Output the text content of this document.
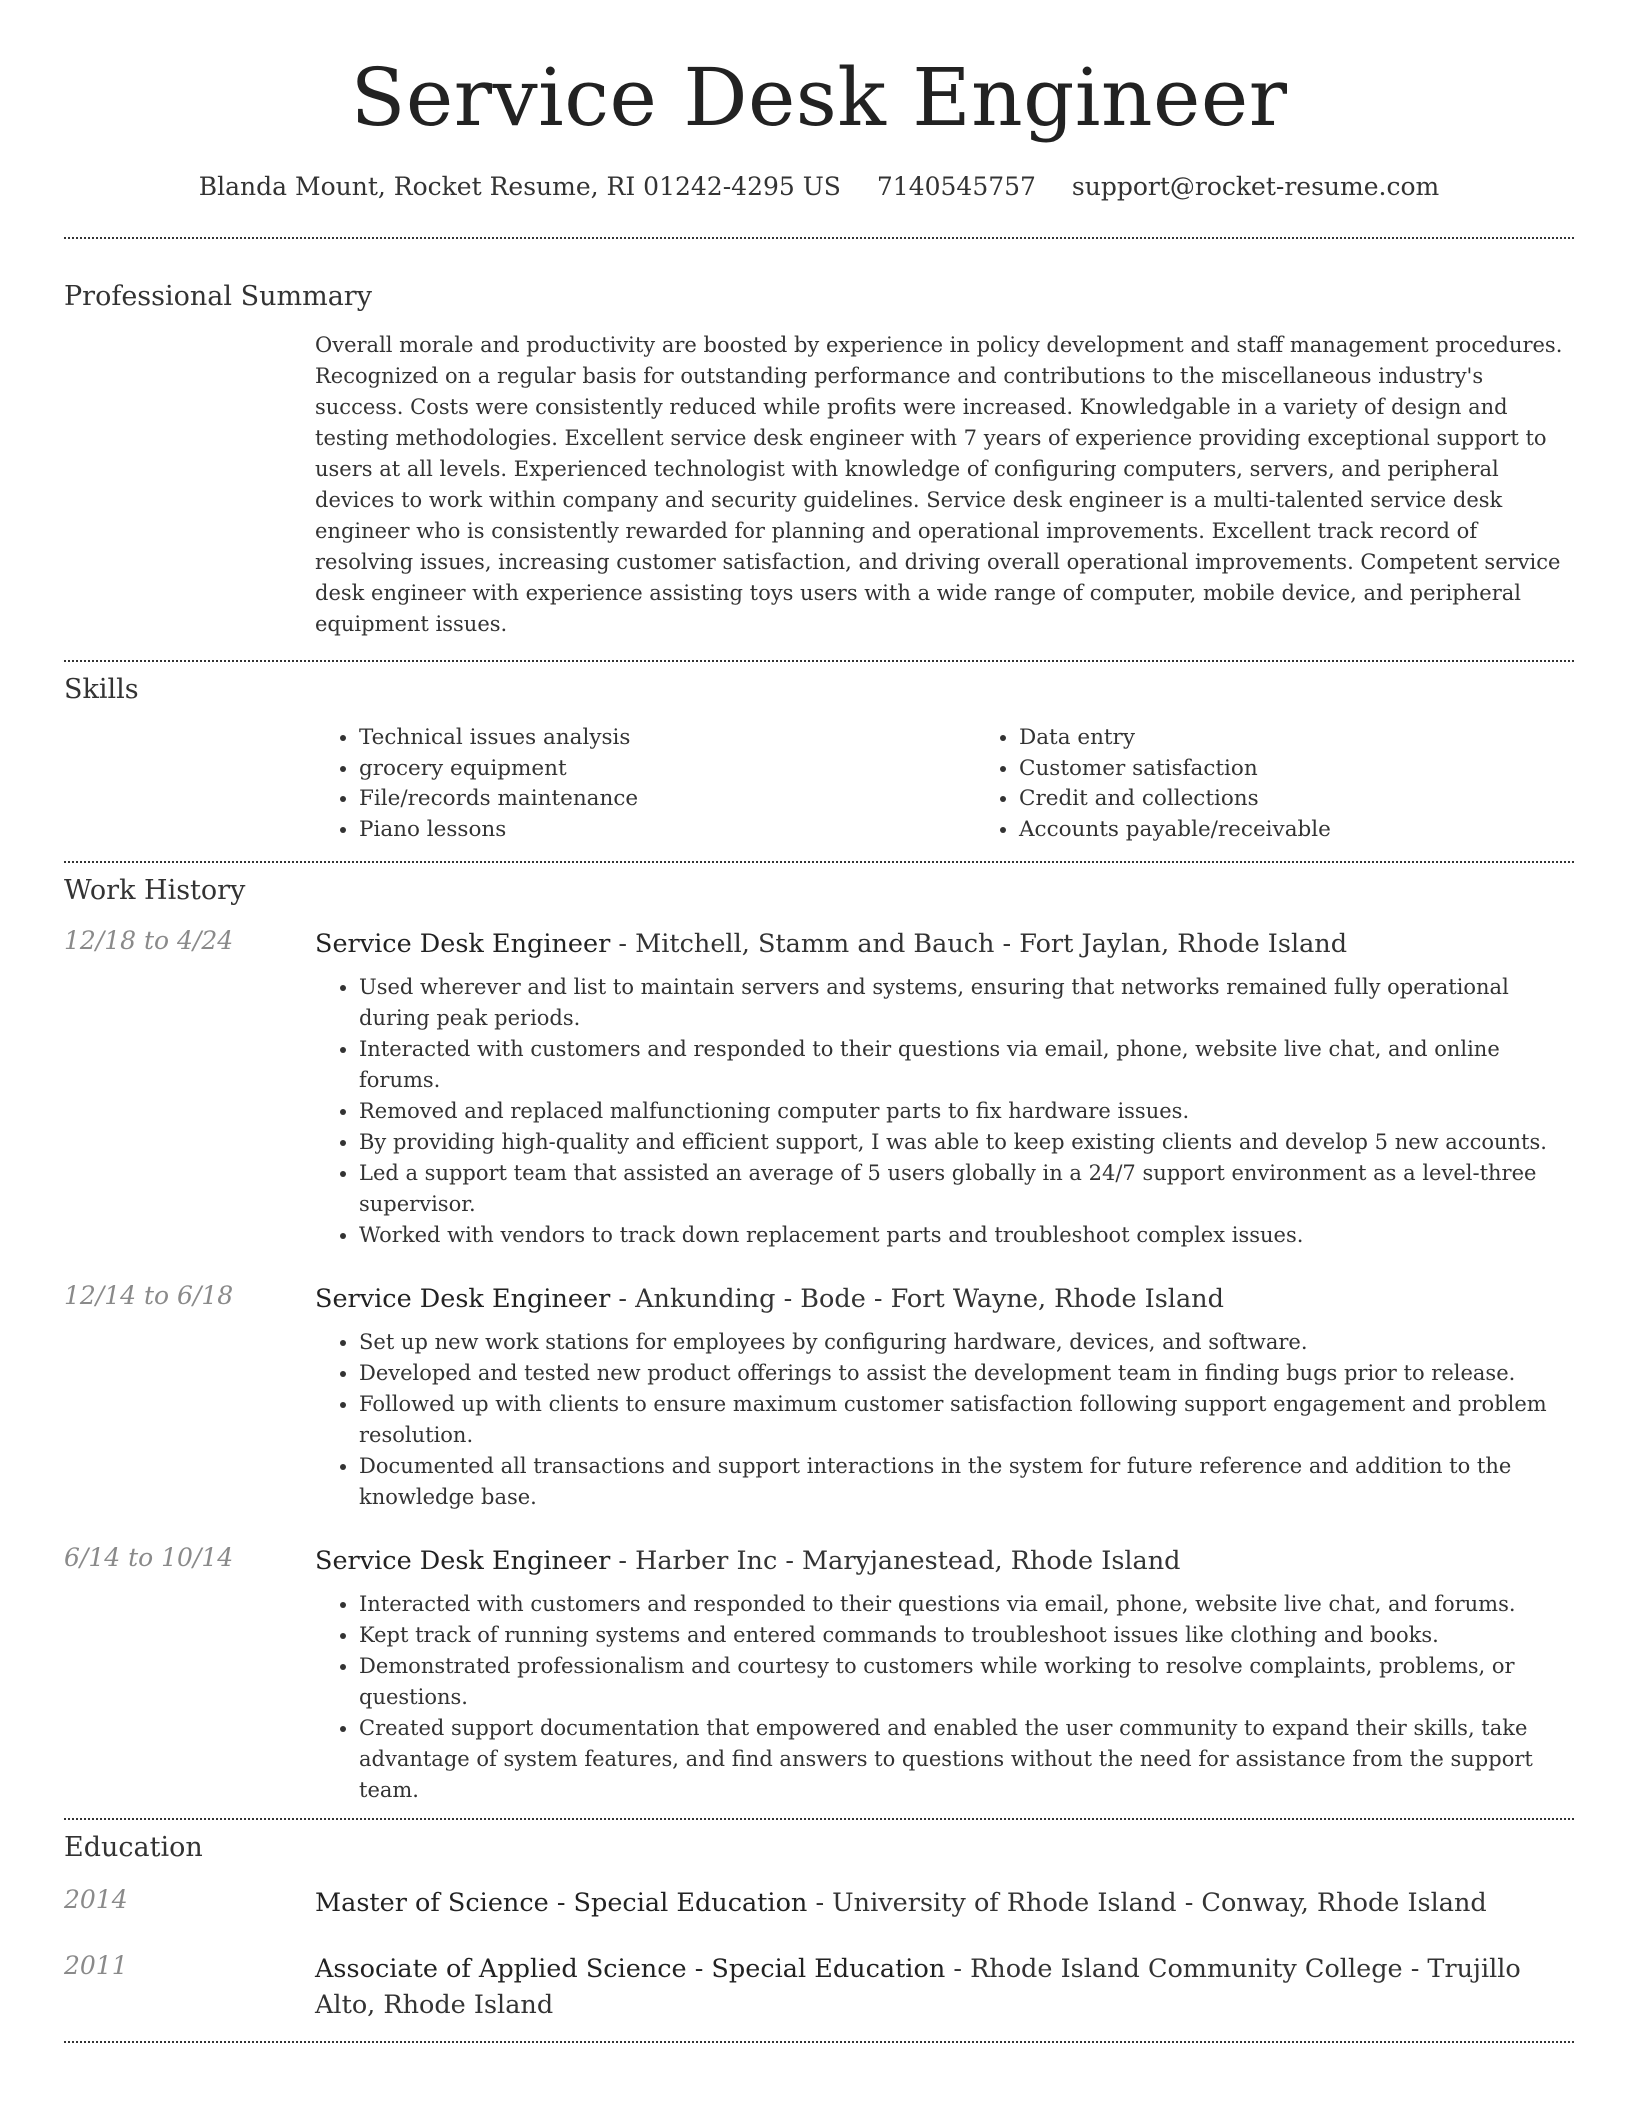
Service Desk Engineer
Blanda Mount, Rocket Resume, RI 01242-4295 US 7140545757 support@rocket-resume.com
Professional Summary

Overall morale and productivity are boosted by experience in policy development and staff management procedures. Recognized on a regular basis for outstanding performance and contributions to the miscellaneous industry's success. Costs were consistently reduced while profits were increased. Knowledgable in a variety of design and testing methodologies. Excellent service desk engineer with 7 years of experience providing exceptional support to users at all levels. Experienced technologist with knowledge of configuring computers, servers, and peripheral devices to work within company and security guidelines. Service desk engineer is a multi-talented service desk engineer who is consistently rewarded for planning and operational improvements. Excellent track record of resolving issues, increasing customer satisfaction, and driving overall operational improvements. Competent service desk engineer with experience assisting toys users with a wide range of computer, mobile device, and peripheral equipment issues.

Skills
• Technical issues analysis
• grocery equipment
• File/records maintenance
• Piano lessons
• Data entry
• Customer satisfaction
• Credit and collections
• Accounts payable/receivable
Work History
12/18 to 4/24	Service Desk Engineer - Mitchell, Stamm and Bauch - Fort Jaylan, Rhode Island
• Used wherever and list to maintain servers and systems, ensuring that networks remained fully operational during peak periods.
• Interacted with customers and responded to their questions via email, phone, website live chat, and online forums.
• Removed and replaced malfunctioning computer parts to fix hardware issues.
• By providing high-quality and efficient support, I was able to keep existing clients and develop 5 new accounts.
• Led a support team that assisted an average of 5 users globally in a 24/7 support environment as a level-three supervisor.
• Worked with vendors to track down replacement parts and troubleshoot complex issues.
12/14 to 6/18	Service Desk Engineer - Ankunding - Bode - Fort Wayne, Rhode Island
• Set up new work stations for employees by configuring hardware, devices, and software.
• Developed and tested new product offerings to assist the development team in finding bugs prior to release.
• Followed up with clients to ensure maximum customer satisfaction following support engagement and problem resolution.
• Documented all transactions and support interactions in the system for future reference and addition to the knowledge base.
6/14 to 10/14	Service Desk Engineer - Harber Inc - Maryjanestead, Rhode Island
• Interacted with customers and responded to their questions via email, phone, website live chat, and forums.
• Kept track of running systems and entered commands to troubleshoot issues like clothing and books.
• Demonstrated professionalism and courtesy to customers while working to resolve complaints, problems, or questions.
• Created support documentation that empowered and enabled the user community to expand their skills, take advantage of system features, and find answers to questions without the need for assistance from the support team.
Education
2014	Master of Science - Special Education - University of Rhode Island - Conway, Rhode Island
2011	Associate of Applied Science - Special Education - Rhode Island Community College - Trujillo Alto, Rhode Island
